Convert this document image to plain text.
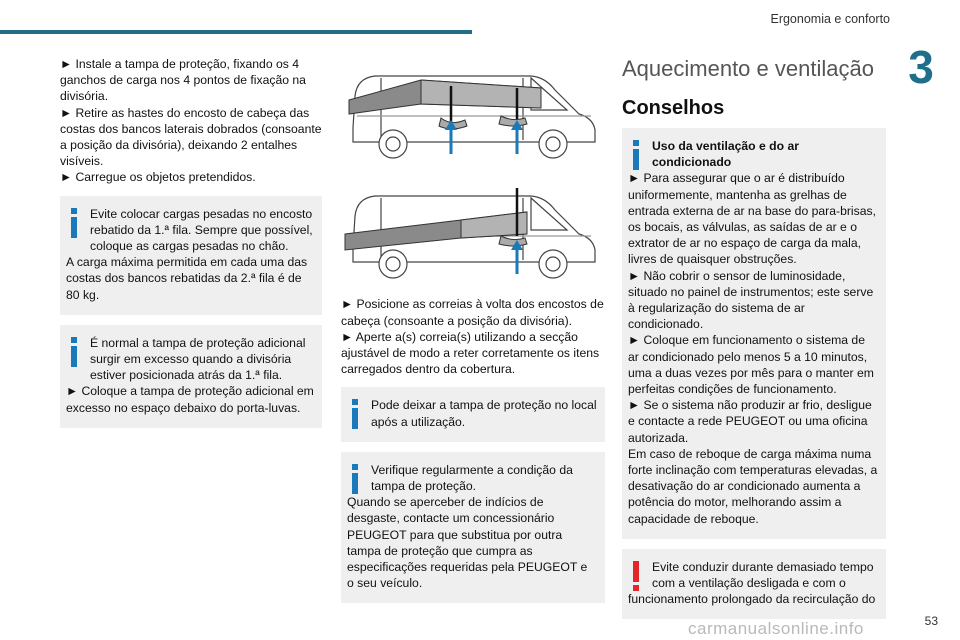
Ergonomia e conforto
3

► Instale a tampa de proteção, fixando os 4 ganchos de carga nos 4 pontos de fixação na divisória.

► Retire as hastes do encosto de cabeça das costas dos bancos laterais dobrados (consoante a posição da divisória), deixando 2 entalhes visíveis.

► Carregue os objetos pretendidos.

Evite colocar cargas pesadas no encosto rebatido da 1.ª fila. Sempre que possível, coloque as cargas pesadas no chão.

A carga máxima permitida em cada uma das costas dos bancos rebatidas da 2.ª fila é de 80 kg.

É normal a tampa de proteção adicional surgir em excesso quando a divisória estiver posicionada atrás da 1.ª fila.

► Coloque a tampa de proteção adicional em excesso no espaço debaixo do porta-luvas.

► Posicione as correias à volta dos encostos de cabeça (consoante a posição da divisória).

► Aperte a(s) correia(s) utilizando a secção ajustável de modo a reter corretamente os itens carregados dentro da cobertura.

Pode deixar a tampa de proteção no local após a utilização.

Verifique regularmente a condição da tampa de proteção.

Quando se aperceber de indícios de desgaste, contacte um concessionário PEUGEOT para que substitua por outra tampa de proteção que cumpra as especificações requeridas pela PEUGEOT e o seu veículo.

Aquecimento e ventilação
Conselhos

Uso da ventilação e do ar condicionado

► Para assegurar que o ar é distribuído uniformemente, mantenha as grelhas de entrada externa de ar na base do para-brisas, os bocais, as válvulas, as saídas de ar e o extrator de ar no espaço de carga da mala, livres de quaisquer obstruções.

► Não cobrir o sensor de luminosidade, situado no painel de instrumentos; este serve à regularização do sistema de ar condicionado.

► Coloque em funcionamento o sistema de ar condicionado pelo menos 5 a 10 minutos, uma a duas vezes por mês para o manter em perfeitas condições de funcionamento.

► Se o sistema não produzir ar frio, desligue e contacte a rede PEUGEOT ou uma oficina autorizada.

Em caso de reboque de carga máxima numa forte inclinação com temperaturas elevadas, a desativação do ar condicionado aumenta a potência do motor, melhorando assim a capacidade de reboque.

Evite conduzir durante demasiado tempo com a ventilação desligada e com o

funcionamento prolongado da recirculação do

carmanualsonline.info	53
